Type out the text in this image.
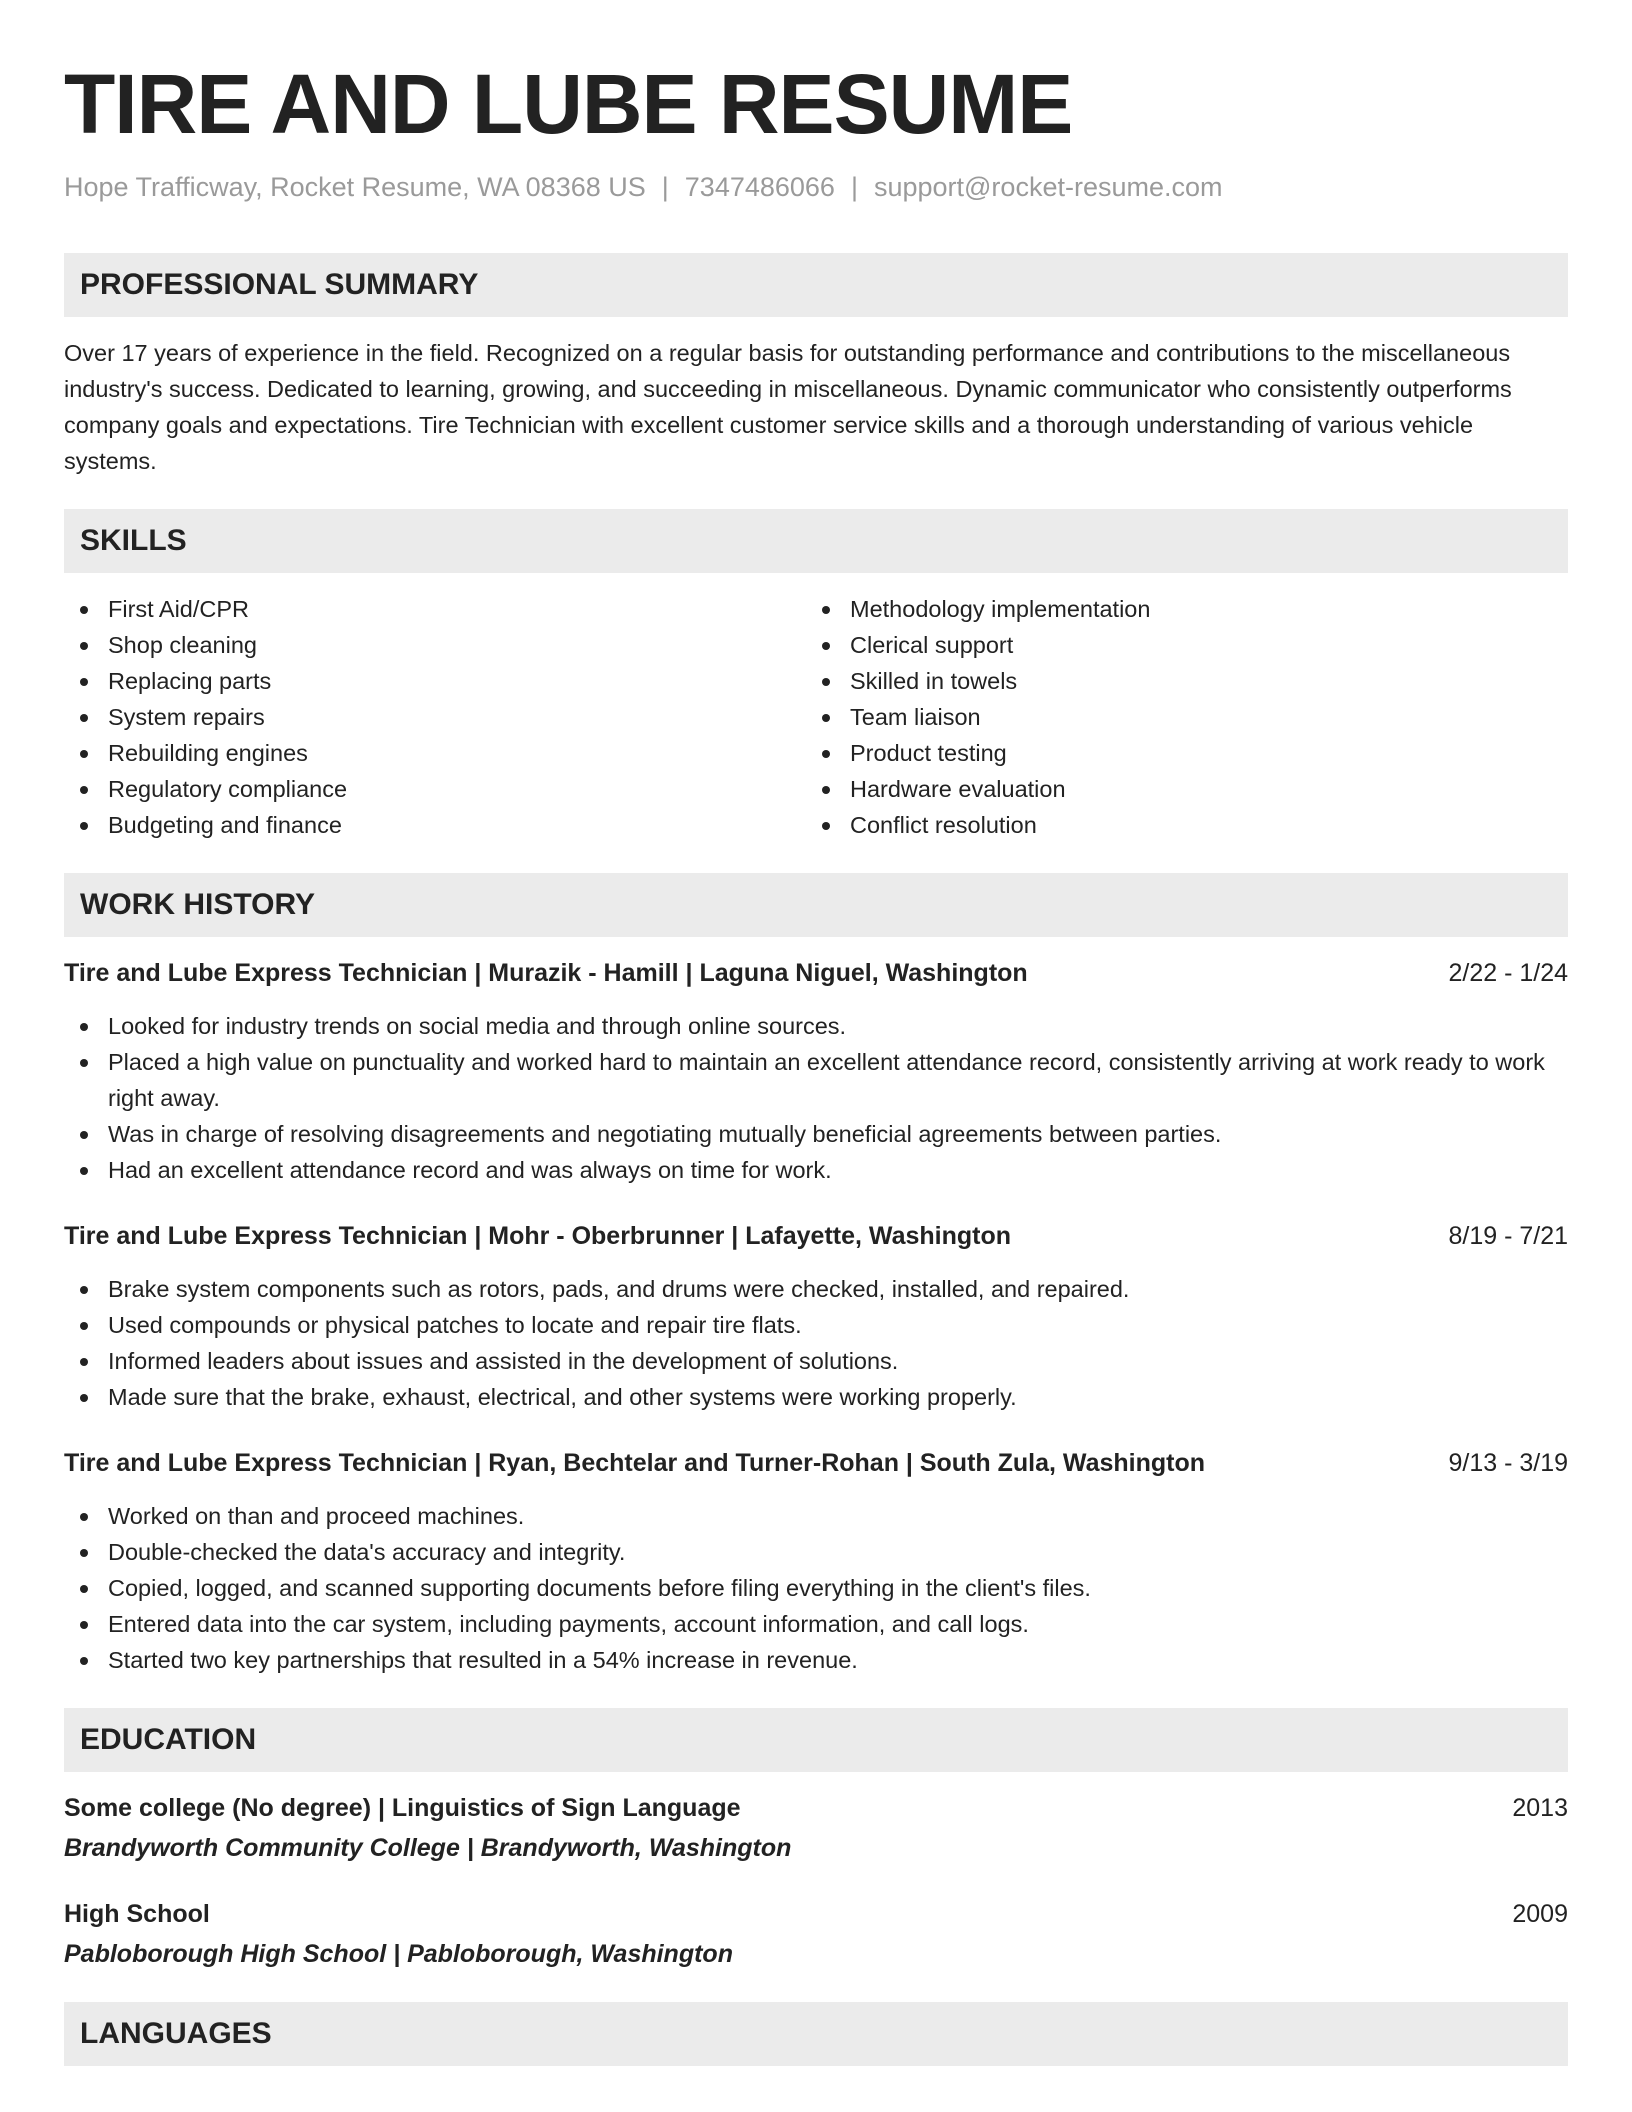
TIRE AND LUBE RESUME
Hope Trafficway, Rocket Resume, WA 08368 US | 7347486066 | support@rocket-resume.com
PROFESSIONAL SUMMARY

Over 17 years of experience in the field. Recognized on a regular basis for outstanding performance and contributions to the miscellaneous industry's success. Dedicated to learning, growing, and succeeding in miscellaneous. Dynamic communicator who consistently outperforms company goals and expectations. Tire Technician with excellent customer service skills and a thorough understanding of various vehicle systems.

SKILLS
First Aid/CPR
Shop cleaning
Replacing parts
System repairs
Rebuilding engines
Regulatory compliance
Budgeting and finance
Methodology implementation
Clerical support
Skilled in towels
Team liaison
Product testing
Hardware evaluation
Conflict resolution
WORK HISTORY
Tire and Lube Express Technician | Murazik - Hamill | Laguna Niguel, Washington	2/22 - 1/24
Looked for industry trends on social media and through online sources.
Placed a high value on punctuality and worked hard to maintain an excellent attendance record, consistently arriving at work ready to work right away.
Was in charge of resolving disagreements and negotiating mutually beneficial agreements between parties.
Had an excellent attendance record and was always on time for work.
Tire and Lube Express Technician | Mohr - Oberbrunner | Lafayette, Washington	8/19 - 7/21
Brake system components such as rotors, pads, and drums were checked, installed, and repaired.
Used compounds or physical patches to locate and repair tire flats.
Informed leaders about issues and assisted in the development of solutions.
Made sure that the brake, exhaust, electrical, and other systems were working properly.
Tire and Lube Express Technician | Ryan, Bechtelar and Turner-Rohan | South Zula, Washington	9/13 - 3/19
Worked on than and proceed machines.
Double-checked the data's accuracy and integrity.
Copied, logged, and scanned supporting documents before filing everything in the client's files.
Entered data into the car system, including payments, account information, and call logs.
Started two key partnerships that resulted in a 54% increase in revenue.
EDUCATION
Some college (No degree) | Linguistics of Sign Language	2013
Brandyworth Community College | Brandyworth, Washington
High School	2009
Pabloborough High School | Pabloborough, Washington
LANGUAGES
